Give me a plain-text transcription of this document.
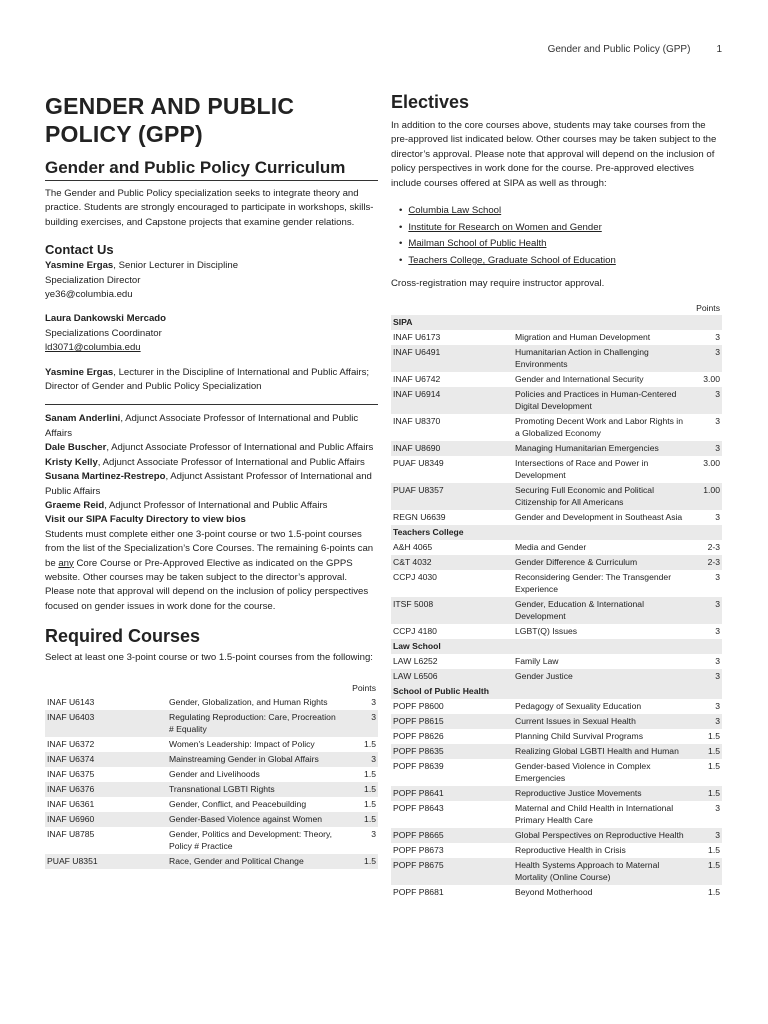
Gender and Public Policy (GPP)	1
GENDER AND PUBLIC POLICY (GPP)
Gender and Public Policy Curriculum

The Gender and Public Policy specialization seeks to integrate theory and practice. Students are strongly encouraged to participate in workshops, skills-building exercises, and Capstone projects that examine gender relations.

Contact Us

Yasmine Ergas, Senior Lecturer in Discipline

Specialization Director

ye36@columbia.edu

Laura Dankowski Mercado

Specializations Coordinator

ld3071@columbia.edu

Yasmine Ergas, Lecturer in the Discipline of International and Public Affairs; Director of Gender and Public Policy Specialization

Sanam Anderlini, Adjunct Associate Professor of International and Public Affairs

Dale Buscher, Adjunct Associate Professor of International and Public Affairs

Kristy Kelly, Adjunct Associate Professor of International and Public Affairs

Susana Martinez-Restrepo, Adjunct Assistant Professor of International and Public Affairs

Graeme Reid, Adjunct Professor of International and Public Affairs

Visit our SIPA Faculty Directory to view bios

Students must complete either one 3-point course or two 1.5-point courses from the list of the Specialization’s Core Courses. The remaining 6-points can be any Core Course or Pre-Approved Elective as indicated on the GPPS website. Other courses may be taken subject to the director’s approval. Please note that approval will depend on the inclusion of policy perspectives focused on gender issues in work done for the course.

Required Courses

Select at least one 3-point course or two 1.5-point courses from the following:

Points
INAF U6143	Gender, Globalization, and Human Rights	3
INAF U6403	Regulating Reproduction: Care, Procreation # Equality	3
INAF U6372	Women's Leadership: Impact of Policy	1.5
INAF U6374	Mainstreaming Gender in Global Affairs	3
INAF U6375	Gender and Livelihoods	1.5
INAF U6376	Transnational LGBTI Rights	1.5
INAF U6361	Gender, Conflict, and Peacebuilding	1.5
INAF U6960	Gender-Based Violence against Women	1.5
INAF U8785	Gender, Politics and Development: Theory, Policy # Practice	3
PUAF U8351	Race, Gender and Political Change	1.5
Electives

In addition to the core courses above, students may take courses from the pre-approved list indicated below. Other courses may be taken subject to the director’s approval. Please note that approval will depend on the inclusion of policy perspectives in work done for the course. Pre-approved electives include courses offered at SIPA as well as through:

• Columbia Law School
• Institute for Research on Women and Gender
• Mailman School of Public Health
• Teachers College, Graduate School of Education

Cross-registration may require instructor approval.

Points
SIPA		
INAF U6173	Migration and Human Development	3
INAF U6491	Humanitarian Action in Challenging Environments	3
INAF U6742	Gender and International Security	3.00
INAF U6914	Policies and Practices in Human-Centered Digital Development	3
INAF U8370	Promoting Decent Work and Labor Rights in a Globalized Economy	3
INAF U8690	Managing Humanitarian Emergencies	3
PUAF U8349	Intersections of Race and Power in Development	3.00
PUAF U8357	Securing Full Economic and Political Citizenship for All Americans	1.00
REGN U6639	Gender and Development in Southeast Asia	3
Teachers College		
A&H 4065	Media and Gender	2-3
C&T 4032	Gender Difference & Curriculum	2-3
CCPJ 4030	Reconsidering Gender: The Transgender Experience	3
ITSF 5008	Gender, Education & International Development	3
CCPJ 4180	LGBT(Q) Issues	3
Law School		
LAW L6252	Family Law	3
LAW L6506	Gender Justice	3
School of Public Health		
POPF P8600	Pedagogy of Sexuality Education	3
POPF P8615	Current Issues in Sexual Health	3
POPF P8626	Planning Child Survival Programs	1.5
POPF P8635	Realizing Global LGBTI Health and Human	1.5
POPF P8639	Gender-based Violence in Complex Emergencies	1.5
POPF P8641	Reproductive Justice Movements	1.5
POPF P8643	Maternal and Child Health in International Primary Health Care	3
POPF P8665	Global Perspectives on Reproductive Health	3
POPF P8673	Reproductive Health in Crisis	1.5
POPF P8675	Health Systems Approach to Maternal Mortality (Online Course)	1.5
POPF P8681	Beyond Motherhood	1.5
